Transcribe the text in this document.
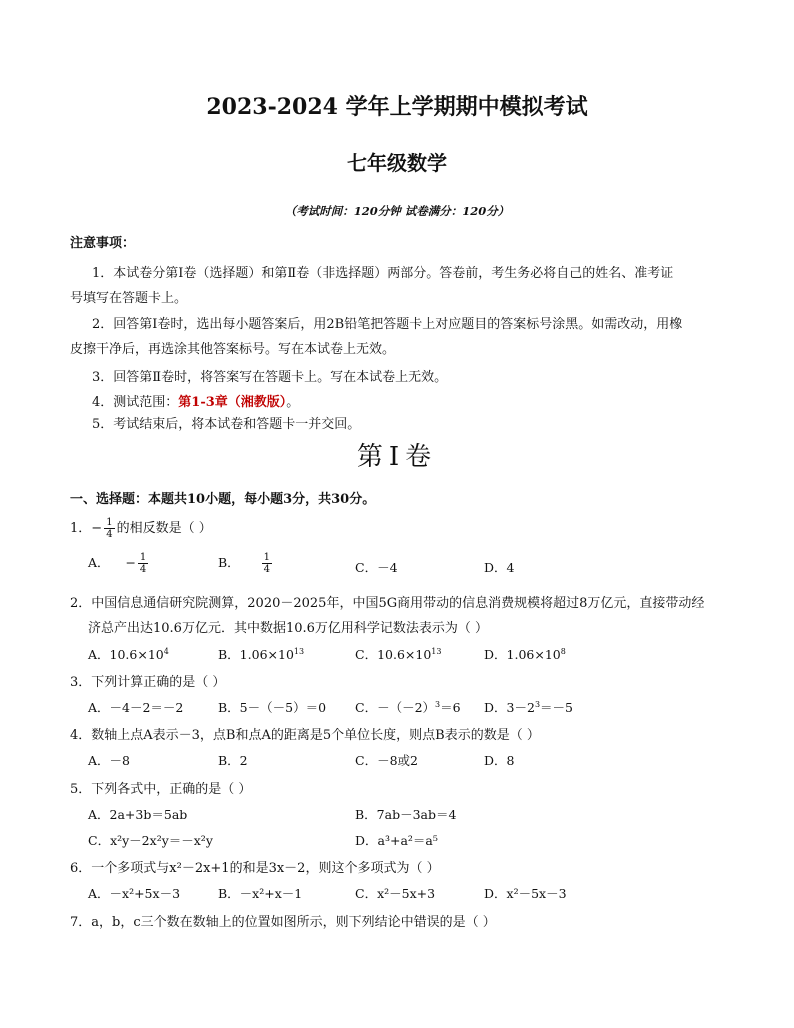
2023-2024 学年上学期期中模拟考试
七年级数学
（考试时间：120分钟 试卷满分：120分）
注意事项：
1．本试卷分第Ⅰ卷（选择题）和第Ⅱ卷（非选择题）两部分。答卷前，考生务必将自己的姓名、准考证
号填写在答题卡上。
2．回答第Ⅰ卷时，选出每小题答案后，用2B铅笔把答题卡上对应题目的答案标号涂黑。如需改动，用橡
皮擦干净后，再选涂其他答案标号。写在本试卷上无效。
3．回答第Ⅱ卷时，将答案写在答题卡上。写在本试卷上无效。
4．测试范围：第1-3章（湘教版）。
5．考试结束后，将本试卷和答题卡一并交回。
第Ⅰ卷
一、选择题：本题共10小题，每小题3分，共30分。
1．− $\frac{1}{4}$ 的相反数是（ ）
A． − $\frac{1}{4}$	B． $\frac{1}{4}$	C．－4	D．4
2．中国信息通信研究院测算，2020－2025年，中国5G商用带动的信息消费规模将超过8万亿元，直接带动经
济总产出达10.6万亿元．其中数据10.6万亿用科学记数法表示为（ ）
A．$10.6\times 10^4$	B．$1.06\times 10^{13}$	C．$10.6\times 10^{13}$	D．$1.06\times 10^8$
3．下列计算正确的是（ ）
A．－4－2＝－2	B．5－（－5）＝0 C．$-(-2)^3=6$ D．$3-2^3=-5$
4．数轴上点A表示－3，点B和点A的距离是5个单位长度，则点B表示的数是（ ）
A．－8	B．2	C．－8或2	D．8
5．下列各式中，正确的是（ ）
A．2a+3b＝5ab	B．7ab－3ab＝4
C．x²y－2x²y＝－x²y	D．a³+a²＝a⁵
6．一个多项式与x²－2x+1的和是3x－2，则这个多项式为（ ）
A．－x²+5x－3	B．－x²+x－1	C．x²－5x+3	D．x²－5x－3
7．a，b，c三个数在数轴上的位置如图所示，则下列结论中错误的是（ ）
